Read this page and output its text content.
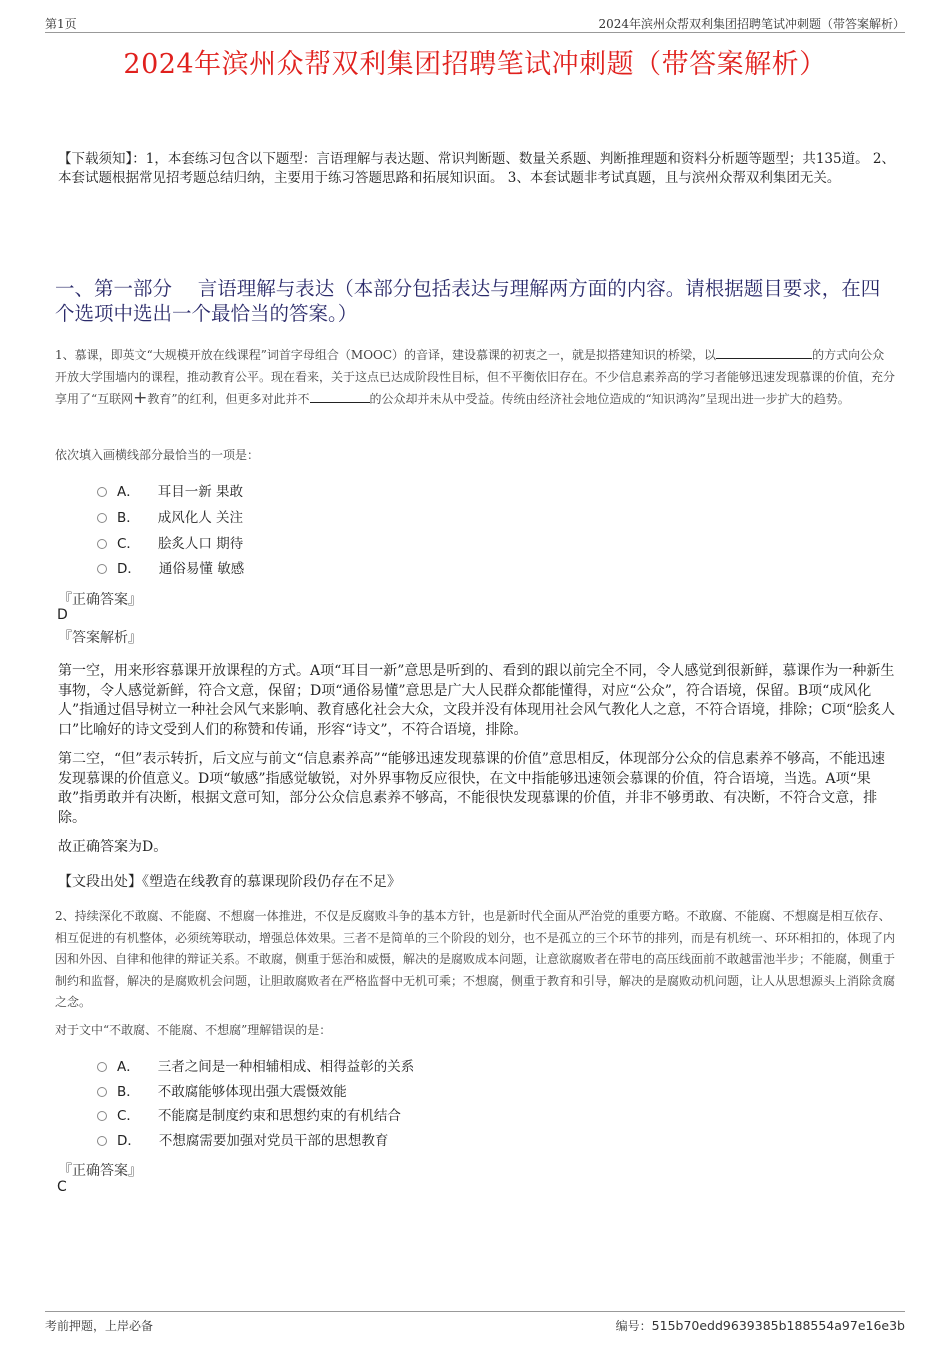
第1页	2024年滨州众帮双利集团招聘笔试冲刺题（带答案解析）
2024年滨州众帮双利集团招聘笔试冲刺题（带答案解析）
【下载须知】：1，本套练习包含以下题型：言语理解与表达题、常识判断题、数量关系题、判断推理题和资料分析题等题型；共135道。 2、本套试题根据常见招考题总结归纳，主要用于练习答题思路和拓展知识面。 3、本套试题非考试真题，且与滨州众帮双利集团无关。
一、第一部分　 言语理解与表达（本部分包括表达与理解两方面的内容。请根据题目要求，在四个选项中选出一个最恰当的答案。）
1、慕课，即英文“大规模开放在线课程”词首字母组合（MOOC）的音译，建设慕课的初衷之一，就是拟搭建知识的桥梁，以	的方式向公众开放大学围墙内的课程，推动教育公平。现在看来，关于这点已达成阶段性目标，但不平衡依旧存在。不少信息素养高的学习者能够迅速发现慕课的价值，充分享用了“互联网+教育”的红利，但更多对此并不	的公众却并未从中受益。传统由经济社会地位造成的“知识鸿沟”呈现出进一步扩大的趋势。
依次填入画横线部分最恰当的一项是：
A． 耳目一新 果敢
B． 成风化人 关注
C． 脍炙人口 期待
D． 通俗易懂 敏感
『正确答案』
D
『答案解析』
第一空，用来形容慕课开放课程的方式。A项“耳目一新”意思是听到的、看到的跟以前完全不同，令人感觉到很新鲜，慕课作为一种新生事物，令人感觉新鲜，符合文意，保留；D项“通俗易懂”意思是广大人民群众都能懂得，对应“公众”，符合语境，保留。B项“成风化人”指通过倡导树立一种社会风气来影响、教育感化社会大众，文段并没有体现用社会风气教化人之意，不符合语境，排除；C项“脍炙人口”比喻好的诗文受到人们的称赞和传诵，形容“诗文”，不符合语境，排除。
第二空，“但”表示转折，后文应与前文“信息素养高”“能够迅速发现慕课的价值”意思相反，体现部分公众的信息素养不够高，不能迅速发现慕课的价值意义。D项“敏感”指感觉敏锐，对外界事物反应很快，在文中指能够迅速领会慕课的价值，符合语境，当选。A项“果敢”指勇敢并有决断，根据文意可知，部分公众信息素养不够高，不能很快发现慕课的价值，并非不够勇敢、有决断，不符合文意，排除。
故正确答案为D。
【文段出处】《塑造在线教育的慕课现阶段仍存在不足》
2、持续深化不敢腐、不能腐、不想腐一体推进，不仅是反腐败斗争的基本方针，也是新时代全面从严治党的重要方略。不敢腐、不能腐、不想腐是相互依存、相互促进的有机整体，必须统筹联动，增强总体效果。三者不是简单的三个阶段的划分，也不是孤立的三个环节的排列，而是有机统一、环环相扣的，体现了内因和外因、自律和他律的辩证关系。不敢腐，侧重于惩治和威慑，解决的是腐败成本问题，让意欲腐败者在带电的高压线面前不敢越雷池半步；不能腐，侧重于制约和监督，解决的是腐败机会问题，让胆敢腐败者在严格监督中无机可乘；不想腐，侧重于教育和引导，解决的是腐败动机问题，让人从思想源头上消除贪腐之念。
对于文中“不敢腐、不能腐、不想腐”理解错误的是：
A． 三者之间是一种相辅相成、相得益彰的关系
B． 不敢腐能够体现出强大震慑效能
C． 不能腐是制度约束和思想约束的有机结合
D． 不想腐需要加强对党员干部的思想教育
『正确答案』
C
考前押题，上岸必备	编号：515b70edd9639385b188554a97e16e3b
